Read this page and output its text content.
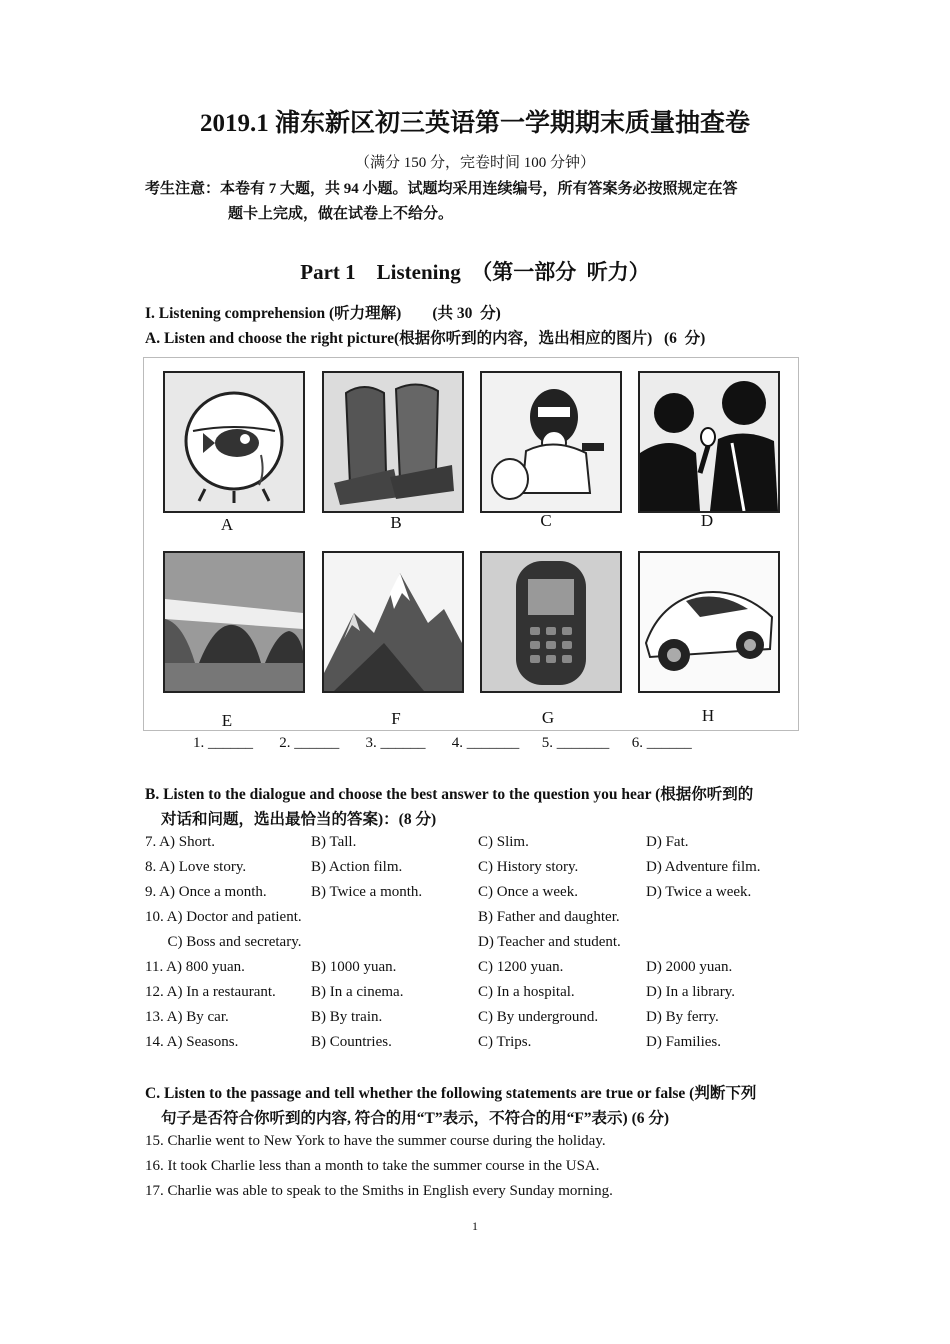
2019.1 浦东新区初三英语第一学期期末质量抽查卷
（满分 150 分，完卷时间 100 分钟）
考生注意：本卷有 7 大题，共 94 小题。试题均采用连续编号，所有答案务必按照规定在答
题卡上完成，做在试卷上不给分。
Part 1    Listening  （第一部分  听力）
I. Listening comprehension (听力理解)        (共 30  分)
A. Listen and choose the right picture(根据你听到的内容，选出相应的图片)   (6  分)
A	B	C	D
E	F	G	H
1. ______       2. ______       3. ______       4. _______      5. _______      6. ______
B. Listen to the dialogue and choose the best answer to the question you hear (根据你听到的
对话和问题，选出最恰当的答案)：(8 分)
7. A) Short.	B) Tall.	C) Slim.	D) Fat.
8. A) Love story.	B) Action film.	C) History story.	D) Adventure film.
9. A) Once a month.	B) Twice a month.	C) Once a week.	D) Twice a week.
10. A) Doctor and patient.	B) Father and daughter.
C) Boss and secretary.	D) Teacher and student.
11. A) 800 yuan.	B) 1000 yuan.	C) 1200 yuan.	D) 2000 yuan.
12. A) In a restaurant. B) In a cinema.	C) In a hospital.	D) In a library.
13. A) By car.	B) By train.	C) By underground.	D) By ferry.
14. A) Seasons.	B) Countries.	C) Trips.	D) Families.
C. Listen to the passage and tell whether the following statements are true or false (判断下列
句子是否符合你听到的内容, 符合的用“T”表示，不符合的用“F”表示) (6 分)
15. Charlie went to New York to have the summer course during the holiday.
16. It took Charlie less than a month to take the summer course in the USA.
17. Charlie was able to speak to the Smiths in English every Sunday morning.
1
